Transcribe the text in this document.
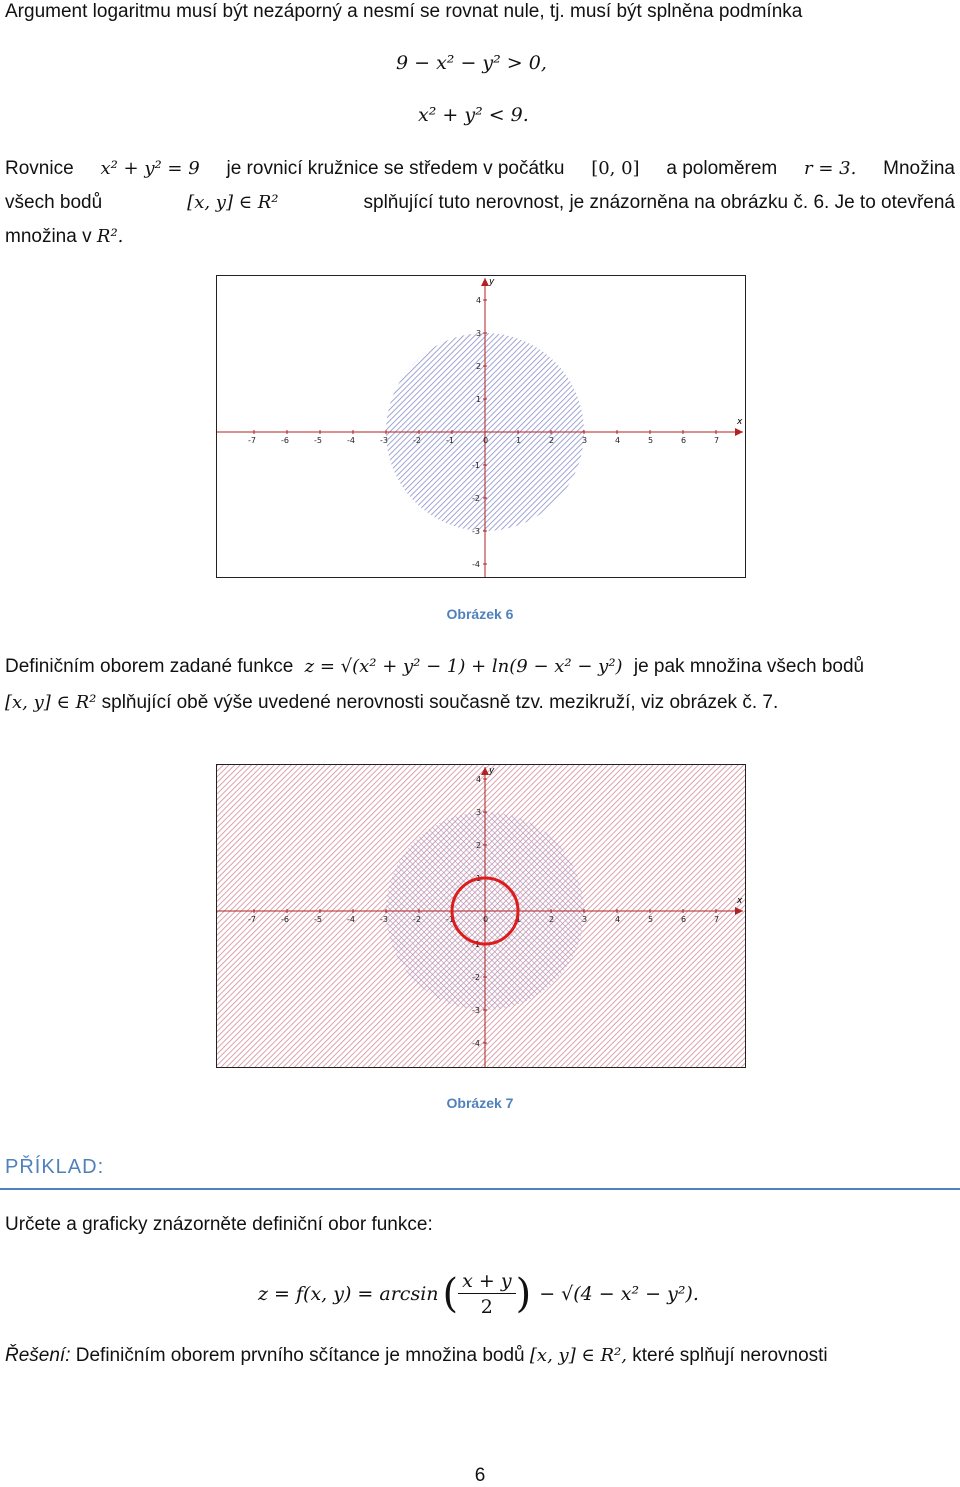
Argument logaritmu musí být nezáporný a nesmí se rovnat nule, tj. musí být splněna podmínka
9 − x² − y² > 0,
x² + y² < 9.
Rovnice x² + y² = 9 je rovnicí kružnice se středem v počátku [0, 0] a poloměrem r = 3. Množina
všech bodů	[x, y] ∈ R²	splňující tuto nerovnost, je znázorněna na obrázku č. 6. Je to otevřená
množina v R².
x
y
-7	-6	-5	-4	-3	-2	-1	0	1	2	3	4	5	6	7
4
3
2
1
-1
-2
-3
-4
Obrázek 6
Definičním oborem zadané funkce z = √(x² + y² − 1) + ln(9 − x² − y²) je pak množina všech bodů
[x, y] ∈ R² splňující obě výše uvedené nerovnosti současně tzv. mezikruží, viz obrázek č. 7.
x
y
-7	-6	-5	-4	-3	-2	-1	0	1	2	3	4	5	6	7
4
3
2
1
-1
-2
-3
-4
Obrázek 7
PŘÍKLAD:
Určete a graficky znázorněte definiční obor funkce:
z = f(x, y) = arcsin ( $\frac{x + y}{2}$ ) − √(4 − x² − y²).
Řešení: Definičním oborem prvního sčítance je množina bodů [x, y] ∈ R², které splňují nerovnosti
6
